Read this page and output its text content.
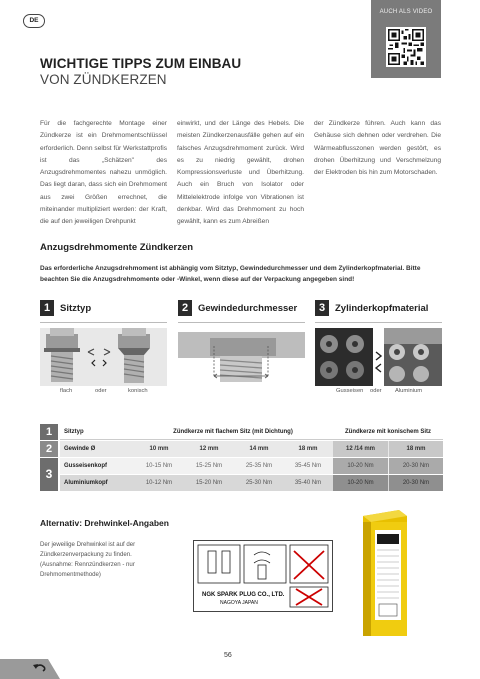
DE
AUCH ALS VIDEO
WICHTIGE TIPPS ZUM EINBAU
VON ZÜNDKERZEN
Für die fachgerechte Montage einer Zündkerze ist ein Drehmomentschlüssel erforderlich. Denn selbst für Werkstattprofis ist das „Schätzen" des Anzugsdrehmomentes nahezu unmöglich. Das liegt daran, dass sich ein Drehmoment aus zwei Größen errechnet, die miteinander multipliziert werden: der Kraft, die auf den jeweiligen Drehpunkt
einwirkt, und der Länge des Hebels. Die meisten Zündkerzenausfälle gehen auf ein falsches Anzugsdrehmoment zurück. Wird es zu niedrig gewählt, drohen Kompressionsverluste und Überhitzung. Auch ein Bruch von Isolator oder Mittelelektrode infolge von Vibrationen ist denkbar. Wird das Drehmoment zu hoch gewählt, kann es zum Abreißen
der Zündkerze führen. Auch kann das Gehäuse sich dehnen oder verdrehen. Die Wärmeabflusszonen werden gestört, es drohen Überhitzung und Verschmelzung der Elektroden bis hin zum Motorschaden.
Anzugsdrehmomente Zündkerzen
Das erforderliche Anzugsdrehmoment ist abhängig vom Sitztyp, Gewindedurchmesser und dem Zylinderkopfmaterial. Bitte beachten Sie die Anzugsdrehmomente oder -Winkel, wenn diese auf der Verpackung angegeben sind!
1	Sitztyp	2	Gewindedurchmesser	3	Zylinderkopfmaterial
flach	oder	konisch	Gusseisen oder Aluminium
1
2
3
Sitztyp	Zündkerze mit flachem Sitz (mit Dichtung)	Zündkerze mit konischem Sitz
Gewinde Ø	10 mm	12 mm	14 mm	18 mm	12 /14 mm	18 mm
Gusseisenkopf	10-15 Nm	15-25 Nm	25-35 Nm	35-45 Nm	10-20 Nm	20-30 Nm
Aluminiumkopf	10-12 Nm	15-20 Nm	25-30 Nm	35-40 Nm	10-20 Nm	20-30 Nm
Alternativ: Drehwinkel-Angaben
Der jeweilige Drehwinkel ist auf der
Zündkerzenverpackung zu finden.
(Ausnahme: Rennzündkerzen - nur
Drehmomentmethode)
NGK SPARK PLUG CO., LTD.
NAGOYA JAPAN
56
